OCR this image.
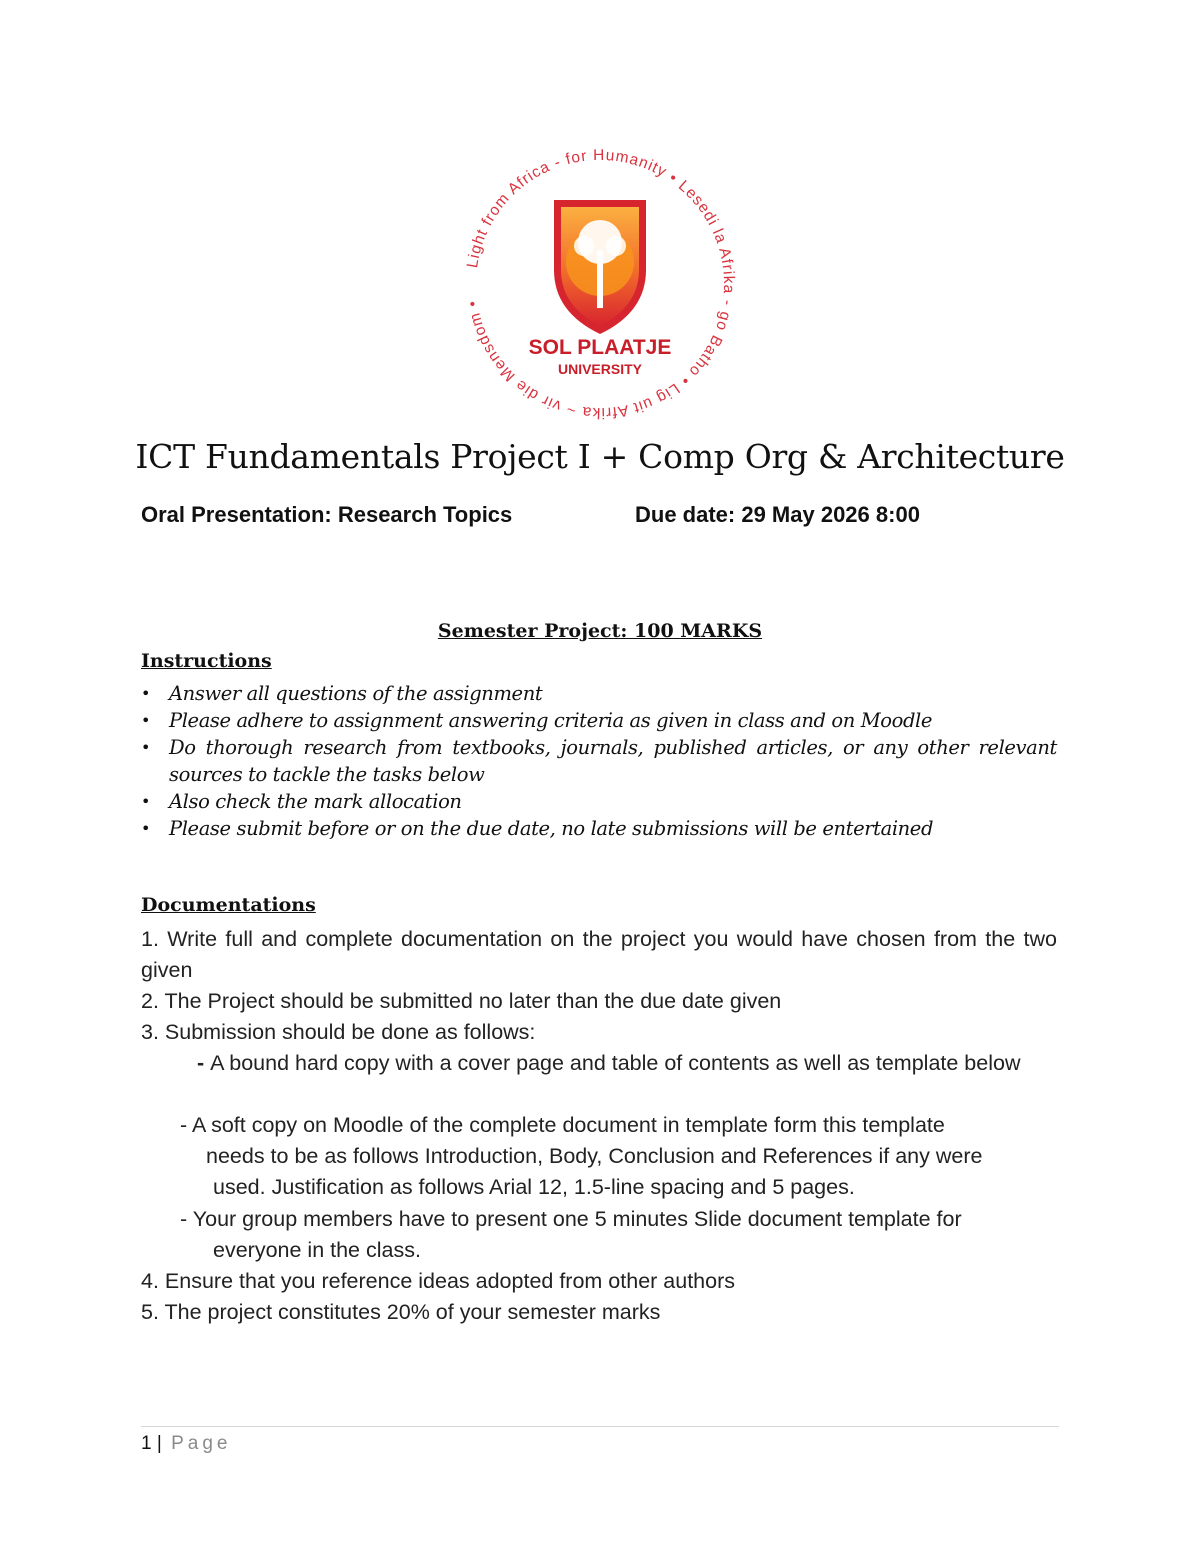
Light from Africa - for Humanity • Lesedi la Afrika - go Batho • Lig uit Afrika ~ vir die Mensdom •
SOL PLAATJE
UNIVERSITY
ICT Fundamentals Project I + Comp Org & Architecture
Oral Presentation: Research Topics	Due date: 29 May 2026 8:00
Semester Project: 100 MARKS
Instructions
• Answer all questions of the assignment
• Please adhere to assignment answering criteria as given in class and on Moodle
• Do thorough research from textbooks, journals, published articles, or any other relevant sources to tackle the tasks below
• Also check the mark allocation
• Please submit before or on the due date, no late submissions will be entertained
Documentations
1. Write full and complete documentation on the project you would have chosen from the two given
2. The Project should be submitted no later than the due date given
3. Submission should be done as follows:
- A bound hard copy with a cover page and table of contents as well as template below
- A soft copy on Moodle of the complete document in template form this template
needs to be as follows Introduction, Body, Conclusion and References if any were
used. Justification as follows Arial 12, 1.5-line spacing and 5 pages.
- Your group members have to present one 5 minutes Slide document template for
everyone in the class.
4. Ensure that you reference ideas adopted from other authors
5. The project constitutes 20% of your semester marks
1 | Page
